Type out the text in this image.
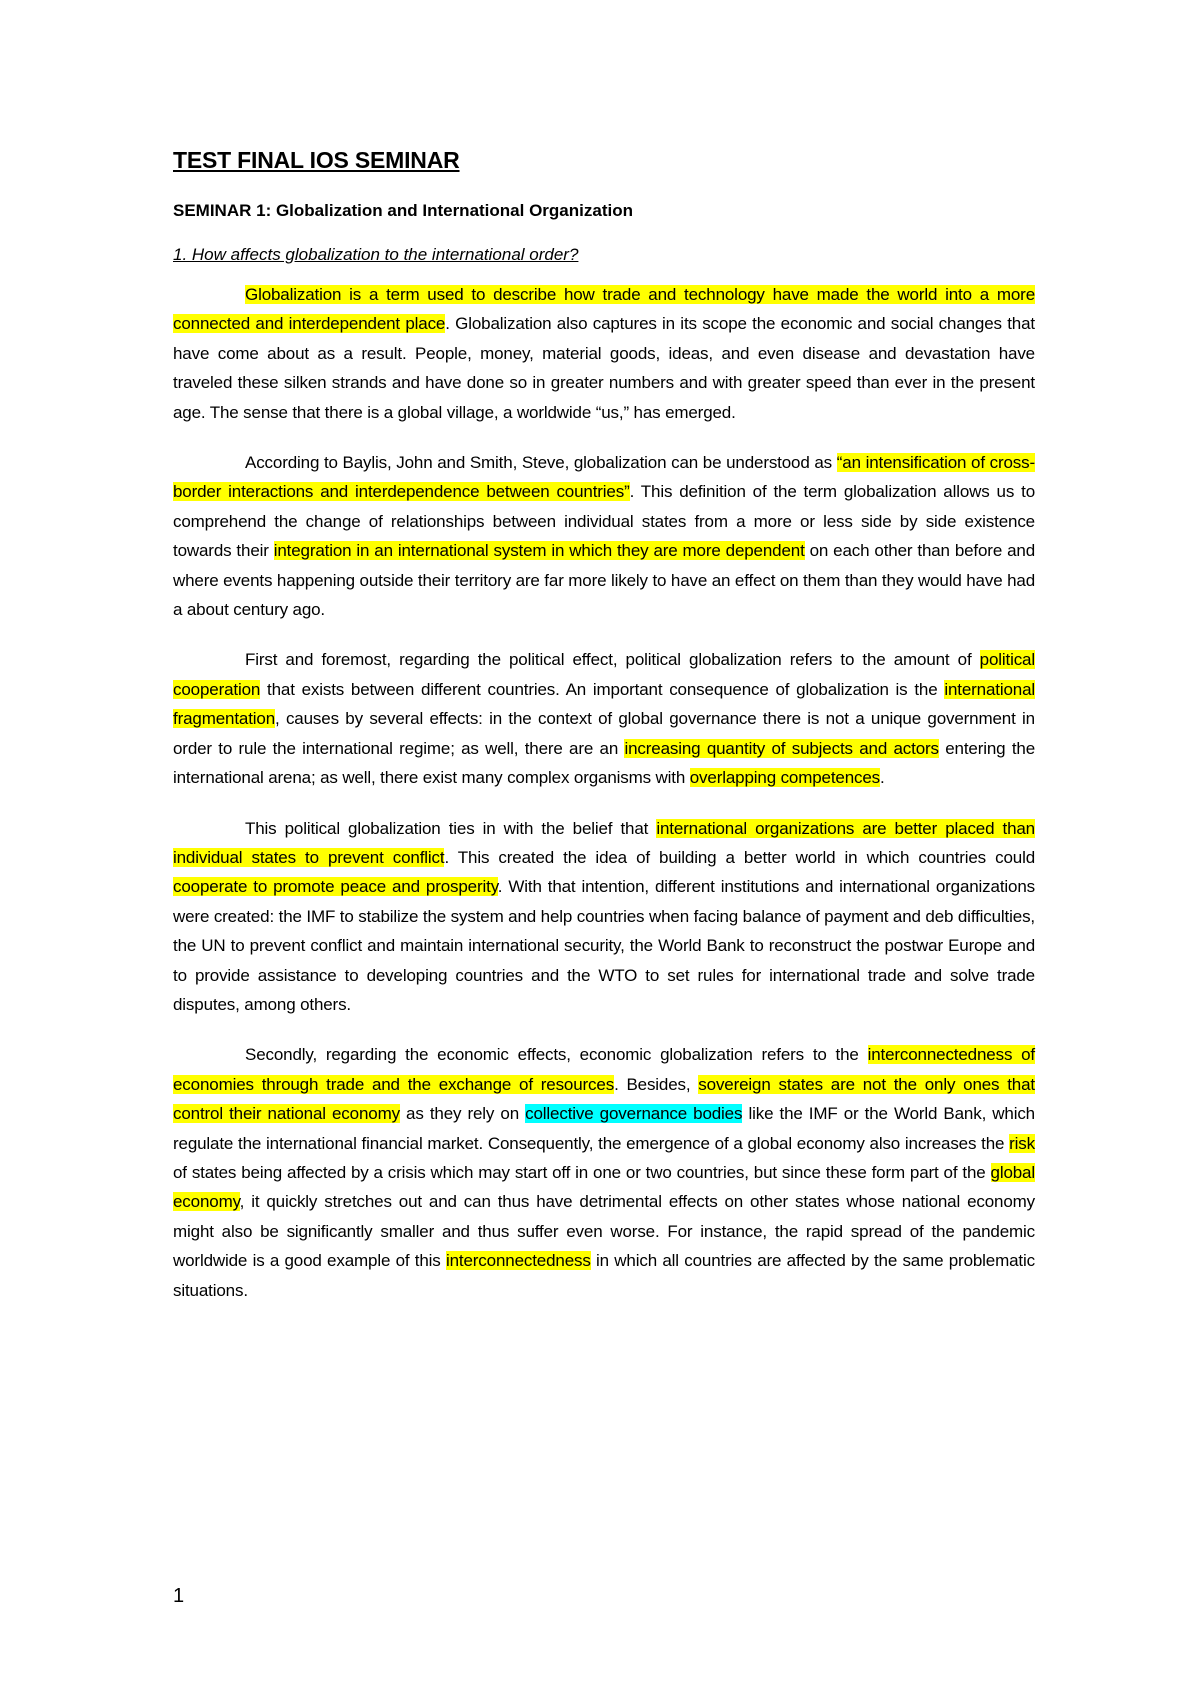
TEST FINAL IOS SEMINAR
SEMINAR 1: Globalization and International Organization
1. How affects globalization to the international order?

Globalization is a term used to describe how trade and technology have made the world into a more connected and interdependent place. Globalization also captures in its scope the economic and social changes that have come about as a result. People, money, material goods, ideas, and even disease and devastation have traveled these silken strands and have done so in greater numbers and with greater speed than ever in the present age. The sense that there is a global village, a worldwide “us,” has emerged.

According to Baylis, John and Smith, Steve, globalization can be understood as “an intensification of cross-border interactions and interdependence between countries”. This definition of the term globalization allows us to comprehend the change of relationships between individual states from a more or less side by side existence towards their integration in an international system in which they are more dependent on each other than before and where events happening outside their territory are far more likely to have an effect on them than they would have had a about century ago.

First and foremost, regarding the political effect, political globalization refers to the amount of political cooperation that exists between different countries. An important consequence of globalization is the international fragmentation, causes by several effects: in the context of global governance there is not a unique government in order to rule the international regime; as well, there are an increasing quantity of subjects and actors entering the international arena; as well, there exist many complex organisms with overlapping competences.

This political globalization ties in with the belief that international organizations are better placed than individual states to prevent conflict. This created the idea of building a better world in which countries could cooperate to promote peace and prosperity. With that intention, different institutions and international organizations were created: the IMF to stabilize the system and help countries when facing balance of payment and deb difficulties, the UN to prevent conflict and maintain international security, the World Bank to reconstruct the postwar Europe and to provide assistance to developing countries and the WTO to set rules for international trade and solve trade disputes, among others.

Secondly, regarding the economic effects, economic globalization refers to the interconnectedness of economies through trade and the exchange of resources. Besides, sovereign states are not the only ones that control their national economy as they rely on collective governance bodies like the IMF or the World Bank, which regulate the international financial market. Consequently, the emergence of a global economy also increases the risk of states being affected by a crisis which may start off in one or two countries, but since these form part of the global economy, it quickly stretches out and can thus have detrimental effects on other states whose national economy might also be significantly smaller and thus suffer even worse. For instance, the rapid spread of the pandemic worldwide is a good example of this interconnectedness in which all countries are affected by the same problematic situations.

1
